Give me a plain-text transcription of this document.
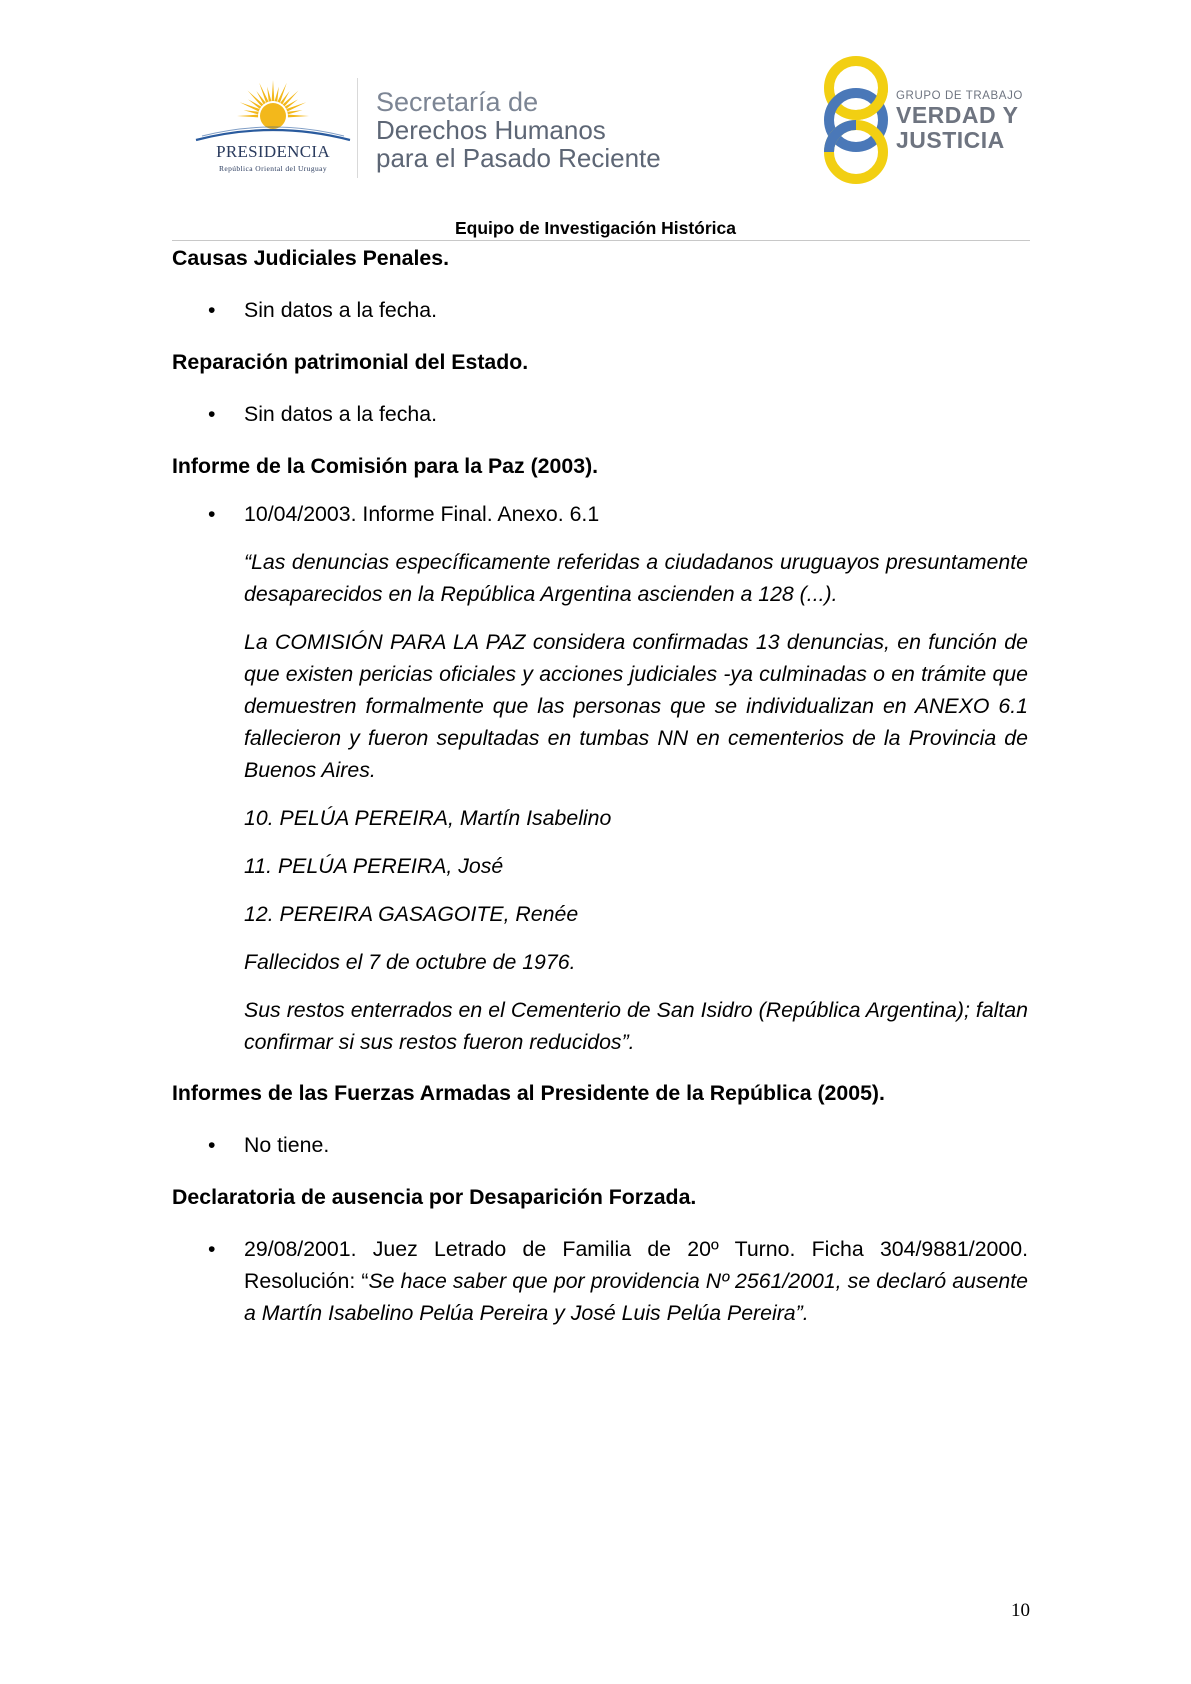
PRESIDENCIA
República Oriental del Uruguay
Secretaría de
Derechos Humanos
para el Pasado Reciente
GRUPO DE TRABAJO
VERDAD Y
JUSTICIA
Equipo de Investigación Histórica

Causas Judiciales Penales.

• Sin datos a la fecha.

Reparación patrimonial del Estado.

• Sin datos a la fecha.

Informe de la Comisión para la Paz (2003).

• 10/04/2003. Informe Final. Anexo. 6.1

“Las denuncias específicamente referidas a ciudadanos uruguayos presuntamente desaparecidos en la República Argentina ascienden a 128 (...).

La COMISIÓN PARA LA PAZ considera confirmadas 13 denuncias, en función de que existen pericias oficiales y acciones judiciales -ya culminadas o en trámite que demuestren formalmente que las personas que se individualizan en ANEXO 6.1 fallecieron y fueron sepultadas en tumbas NN en cementerios de la Provincia de Buenos Aires.

10. PELÚA PEREIRA, Martín Isabelino

11. PELÚA PEREIRA, José

12. PEREIRA GASAGOITE, Renée

Fallecidos el 7 de octubre de 1976.

Sus restos enterrados en el Cementerio de San Isidro (República Argentina); faltan confirmar si sus restos fueron reducidos”.

Informes de las Fuerzas Armadas al Presidente de la República (2005).

• No tiene.

Declaratoria de ausencia por Desaparición Forzada.

• 29/08/2001. Juez Letrado de Familia de 20º Turno. Ficha 304/9881/2000. Resolución: “Se hace saber que por providencia Nº 2561/2001, se declaró ausente a Martín Isabelino Pelúa Pereira y José Luis Pelúa Pereira”.

10
